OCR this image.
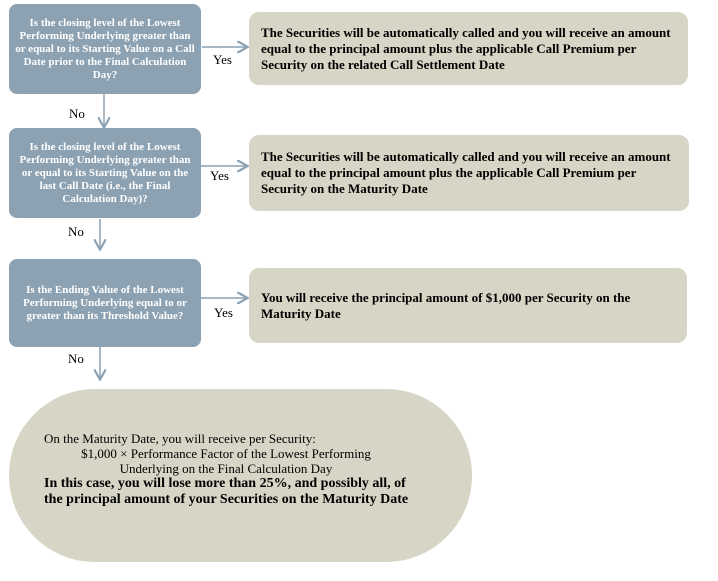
Is the closing level of the Lowest Performing Underlying greater than or equal to its Starting Value on a Call Date prior to the Final Calculation Day?
Yes
The Securities will be automatically called and you will receive an amount equal to the principal amount plus the applicable Call Premium per Security on the related Call Settlement Date
No
Is the closing level of the Lowest Performing Underlying greater than or equal to its Starting Value on the last Call Date (i.e., the Final Calculation Day)?
Yes
The Securities will be automatically called and you will receive an amount equal to the principal amount plus the applicable Call Premium per Security on the Maturity Date
No
Is the Ending Value of the Lowest Performing Underlying equal to or greater than its Threshold Value?	Yes
You will receive the principal amount of $1,000 per Security on the Maturity Date
No
On the Maturity Date, you will receive per Security:
$1,000 × Performance Factor of the Lowest Performing Underlying on the Final Calculation Day
In this case, you will lose more than 25%, and possibly all, of the principal amount of your Securities on the Maturity Date
